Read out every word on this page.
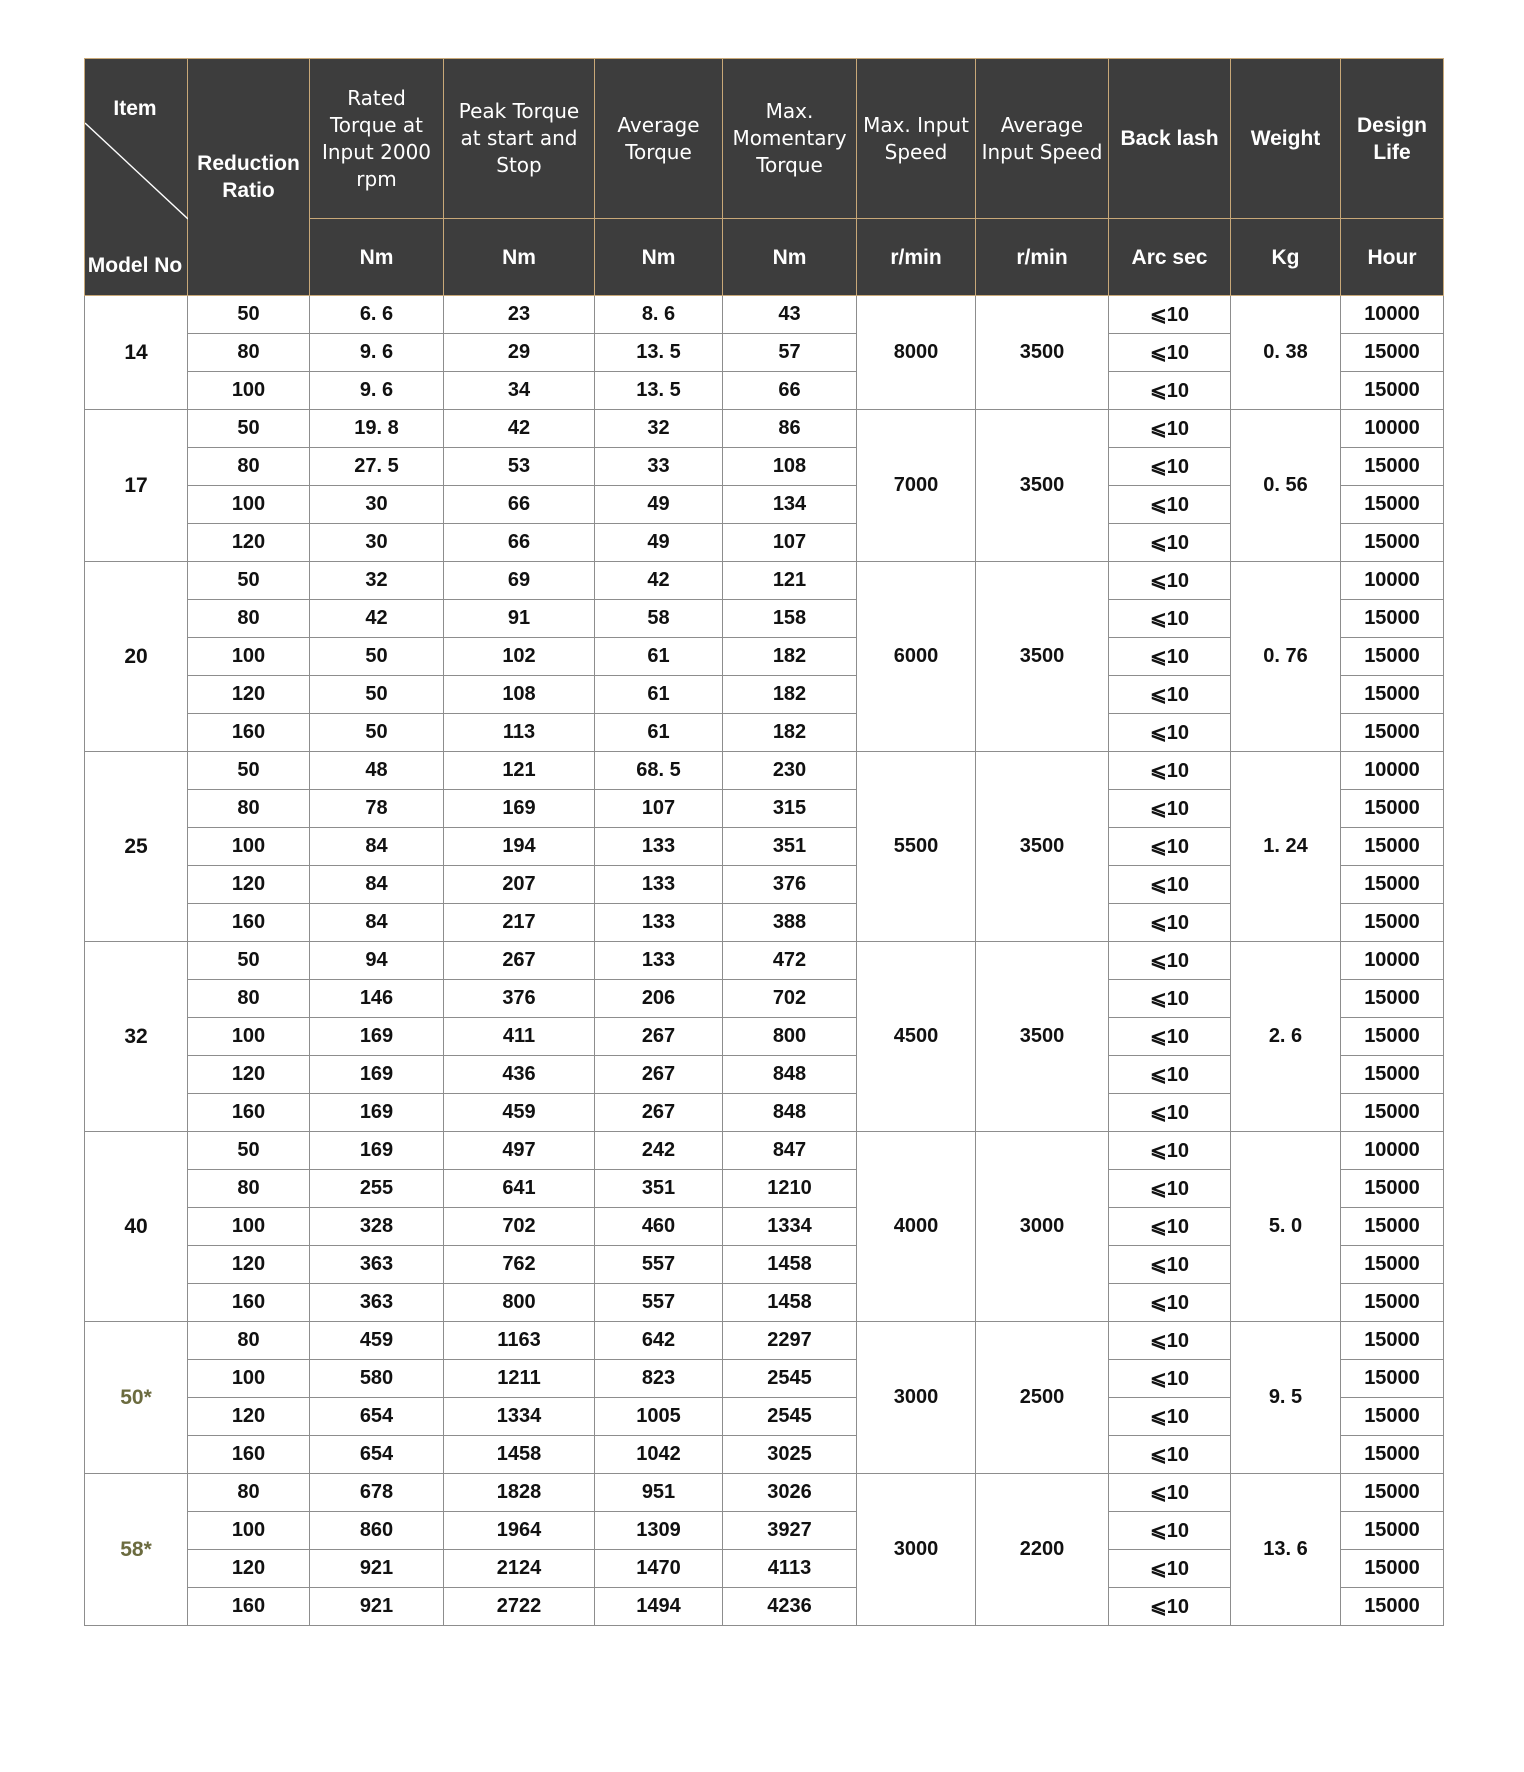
Item
Model No	Reduction Ratio	Rated Torque at Input 2000 rpm	Peak Torque at start and Stop	Average Torque	Max. Momentary Torque	Max. Input Speed	Average Input Speed	Back lash	Weight	Design Life
		Nm	Nm	Nm	Nm	r/min	r/min	Arc sec	Kg	Hour
14	50	6. 6	23	8. 6	43	8000	3500	⩽10	0. 38	10000
	80	9. 6	29	13. 5	57			⩽10		15000
	100	9. 6	34	13. 5	66			⩽10		15000
17	50	19. 8	42	32	86	7000	3500	⩽10	0. 56	10000
	80	27. 5	53	33	108			⩽10		15000
	100	30	66	49	134			⩽10		15000
	120	30	66	49	107			⩽10		15000
20	50	32	69	42	121	6000	3500	⩽10	0. 76	10000
	80	42	91	58	158			⩽10		15000
	100	50	102	61	182			⩽10		15000
	120	50	108	61	182			⩽10		15000
	160	50	113	61	182			⩽10		15000
25	50	48	121	68. 5	230	5500	3500	⩽10	1. 24	10000
	80	78	169	107	315			⩽10		15000
	100	84	194	133	351			⩽10		15000
	120	84	207	133	376			⩽10		15000
	160	84	217	133	388			⩽10		15000
32	50	94	267	133	472	4500	3500	⩽10	2. 6	10000
	80	146	376	206	702			⩽10		15000
	100	169	411	267	800			⩽10		15000
	120	169	436	267	848			⩽10		15000
	160	169	459	267	848			⩽10		15000
40	50	169	497	242	847	4000	3000	⩽10	5. 0	10000
	80	255	641	351	1210			⩽10		15000
	100	328	702	460	1334			⩽10		15000
	120	363	762	557	1458			⩽10		15000
	160	363	800	557	1458			⩽10		15000
50*	80	459	1163	642	2297	3000	2500	⩽10	9. 5	15000
	100	580	1211	823	2545			⩽10		15000
	120	654	1334	1005	2545			⩽10		15000
	160	654	1458	1042	3025			⩽10		15000
58*	80	678	1828	951	3026	3000	2200	⩽10	13. 6	15000
	100	860	1964	1309	3927			⩽10		15000
	120	921	2124	1470	4113			⩽10		15000
	160	921	2722	1494	4236			⩽10		15000
